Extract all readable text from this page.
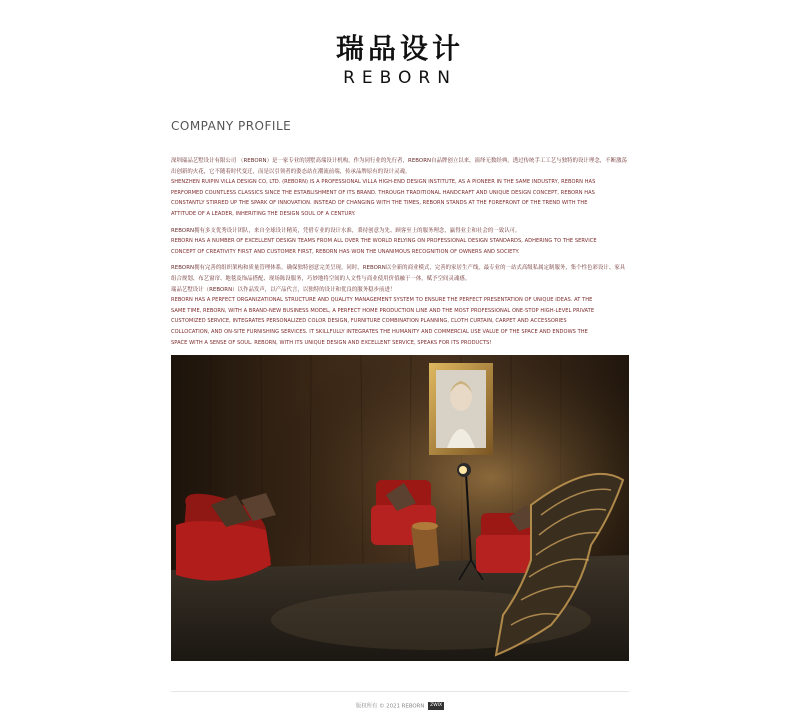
瑞品设计
REBORN
COMPANY PROFILE
深圳瑞品艺墅设计有限公司 （REBORN）是一家专业的别墅高端设计机构，作为同行业的先行者，REBORN自品牌创立以来，演绎无数经典，透过传统手工工艺与独特的设计理念，不断激荡
出创新的火花，它不随着时代变迁，而是以引领者的姿态站在潮流前端，传承品牌原有的设计灵魂。
SHENZHEN RUIPIN VILLA DESIGN CO, LTD. (REBORN) IS A PROFESSIONAL VILLA HIGH-END DESIGN INSTITUTE, AS A PIONEER IN THE SAME INDUSTRY, REBORN HAS
PERFORMED COUNTLESS CLASSICS SINCE THE ESTABLISHMENT OF ITS BRAND. THROUGH TRADITIONAL HANDCRAFT AND UNIQUE DESIGN CONCEPT, REBORN HAS
CONSTANTLY STIRRED UP THE SPARK OF INNOVATION. INSTEAD OF CHANGING WITH THE TIMES, REBORN STANDS AT THE FOREFRONT OF THE TREND WITH THE
ATTITUDE OF A LEADER, INHERITING THE DESIGN SOUL OF A CENTURY.
REBORN拥有多支优秀设计团队，来自全球设计精英，凭借专业的设计水准，秉持创意为先、顾客至上的服务理念，赢得业主和社会的一致认可。
REBORN HAS A NUMBER OF EXCELLENT DESIGN TEAMS FROM ALL OVER THE WORLD RELYING ON PROFESSIONAL DESIGN STANDARDS, ADHERING TO THE SERVICE
CONCEPT OF CREATIVITY FIRST AND CUSTOMER FIRST, REBORN HAS WON THE UNANIMOUS RECOGNITION OF OWNERS AND SOCIETY.
REBORN拥有完善的组织架构和质量管理体系，确保独特创意完美呈现。同时，REBORN以全新的商业模式，完善的家居生产线，最专业的一站式高级私属定制服务，集个性色彩设计、家具
组合规划、布艺窗帘、地毯及饰品搭配、现场陈设服务，巧妙地将空间的人文性与商业使用价值融于一体，赋予空间灵魂感。
瑞品艺墅设计（REBORN）以作品发声，以产品代言，以独特的设计和优良的服务稳步前进！
REBORN HAS A PERFECT ORGANIZATIONAL STRUCTURE AND QUALITY MANAGEMENT SYSTEM TO ENSURE THE PERFECT PRESENTATION OF UNIQUE IDEAS. AT THE
SAME TIME, REBORN, WITH A BRAND-NEW BUSINESS MODEL, A PERFECT HOME PRODUCTION LINE AND THE MOST PROFESSIONAL ONE-STOP HIGH-LEVEL PRIVATE
CUSTOMIZED SERVICE, INTEGRATES PERSONALIZED COLOR DESIGN, FURNITURE COMBINATION PLANNING, CLOTH CURTAIN, CARPET AND ACCESSORIES
COLLOCATION, AND ON-SITE FURNISHING SERVICES. IT SKILLFULLY INTEGRATES THE HUMANITY AND COMMERCIAL USE VALUE OF THE SPACE AND ENDOWS THE
SPACE WITH A SENSE OF SOUL. REBORN, WITH ITS UNIQUE DESIGN AND EXCELLENT SERVICE, SPEAKS FOR ITS PRODUCTS!
版权所有 © 2021 REBORN ZWIX
